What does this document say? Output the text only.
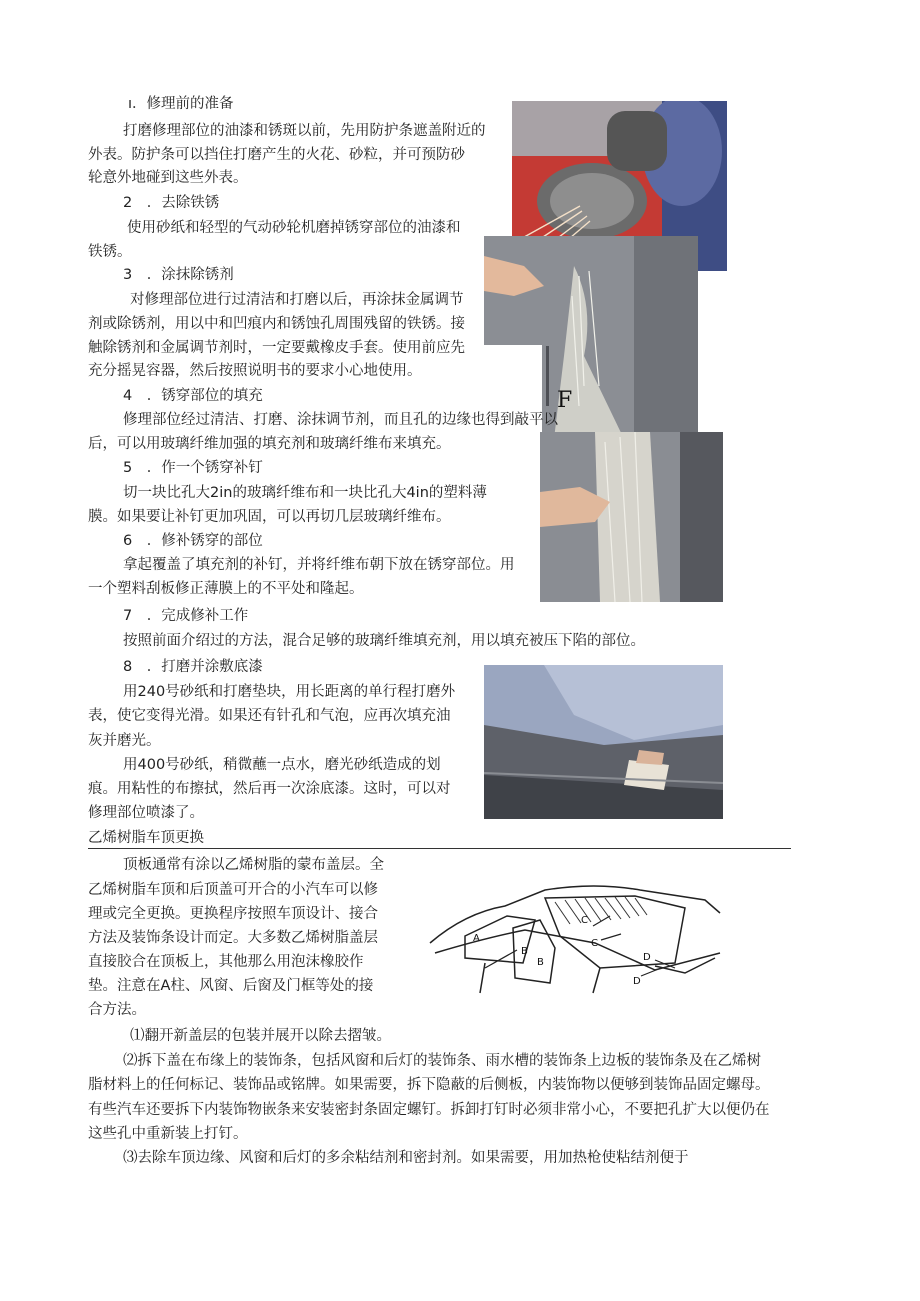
ı．修理前的准备
打磨修理部位的油漆和锈斑以前，先用防护条遮盖附近的
外表。防护条可以挡住打磨产生的火花、砂粒，并可预防砂
轮意外地碰到这些外表。
2　．去除铁锈
使用砂纸和轻型的气动砂轮机磨掉锈穿部位的油漆和
铁锈。
3　．涂抹除锈剂
对修理部位进行过清洁和打磨以后，再涂抹金属调节
剂或除锈剂，用以中和凹痕内和锈蚀孔周围残留的铁锈。接
触除锈剂和金属调节剂时，一定要戴橡皮手套。使用前应先
充分摇晃容器，然后按照说明书的要求小心地使用。
F
4　．锈穿部位的填充
修理部位经过清洁、打磨、涂抹调节剂，而且孔的边缘也得到敲平以
后，可以用玻璃纤维加强的填充剂和玻璃纤维布来填充。
5　．作一个锈穿补钉
切一块比孔大2in的玻璃纤维布和一块比孔大4in的塑料薄
膜。如果要让补钉更加巩固，可以再切几层玻璃纤维布。
6　．修补锈穿的部位
拿起覆盖了填充剂的补钉，并将纤维布朝下放在锈穿部位。用
一个塑料刮板修正薄膜上的不平处和隆起。
7　．完成修补工作
按照前面介绍过的方法，混合足够的玻璃纤维填充剂，用以填充被压下陷的部位。
8　．打磨并涂敷底漆
用240号砂纸和打磨垫块，用长距离的单行程打磨外
表，使它变得光滑。如果还有针孔和气泡，应再次填充油
灰并磨光。
用400号砂纸，稍微蘸一点水，磨光砂纸造成的划
痕。用粘性的布擦拭，然后再一次涂底漆。这时，可以对
修理部位喷漆了。
乙烯树脂车顶更换
顶板通常有涂以乙烯树脂的蒙布盖层。全
乙烯树脂车顶和后顶盖可开合的小汽车可以修
理或完全更换。更换程序按照车顶设计、接合
方法及装饰条设计而定。大多数乙烯树脂盖层
直接胶合在顶板上，其他那么用泡沫橡胶作
垫。注意在A柱、风窗、后窗及门框等处的接
合方法。
A
B
B
C
C
D
D
⑴翻开新盖层的包装并展开以除去摺皱。
⑵拆下盖在布缘上的装饰条，包括风窗和后灯的装饰条、雨水槽的装饰条上边板的装饰条及在乙烯树
脂材料上的任何标记、装饰品或铭牌。如果需要，拆下隐蔽的后侧板，内装饰物以便够到装饰品固定螺母。
有些汽车还要拆下内装饰物嵌条来安装密封条固定螺钉。拆卸打钉时必须非常小心，不要把孔扩大以便仍在
这些孔中重新装上打钉。
⑶去除车顶边缘、风窗和后灯的多余粘结剂和密封剂。如果需要，用加热枪使粘结剂便于
